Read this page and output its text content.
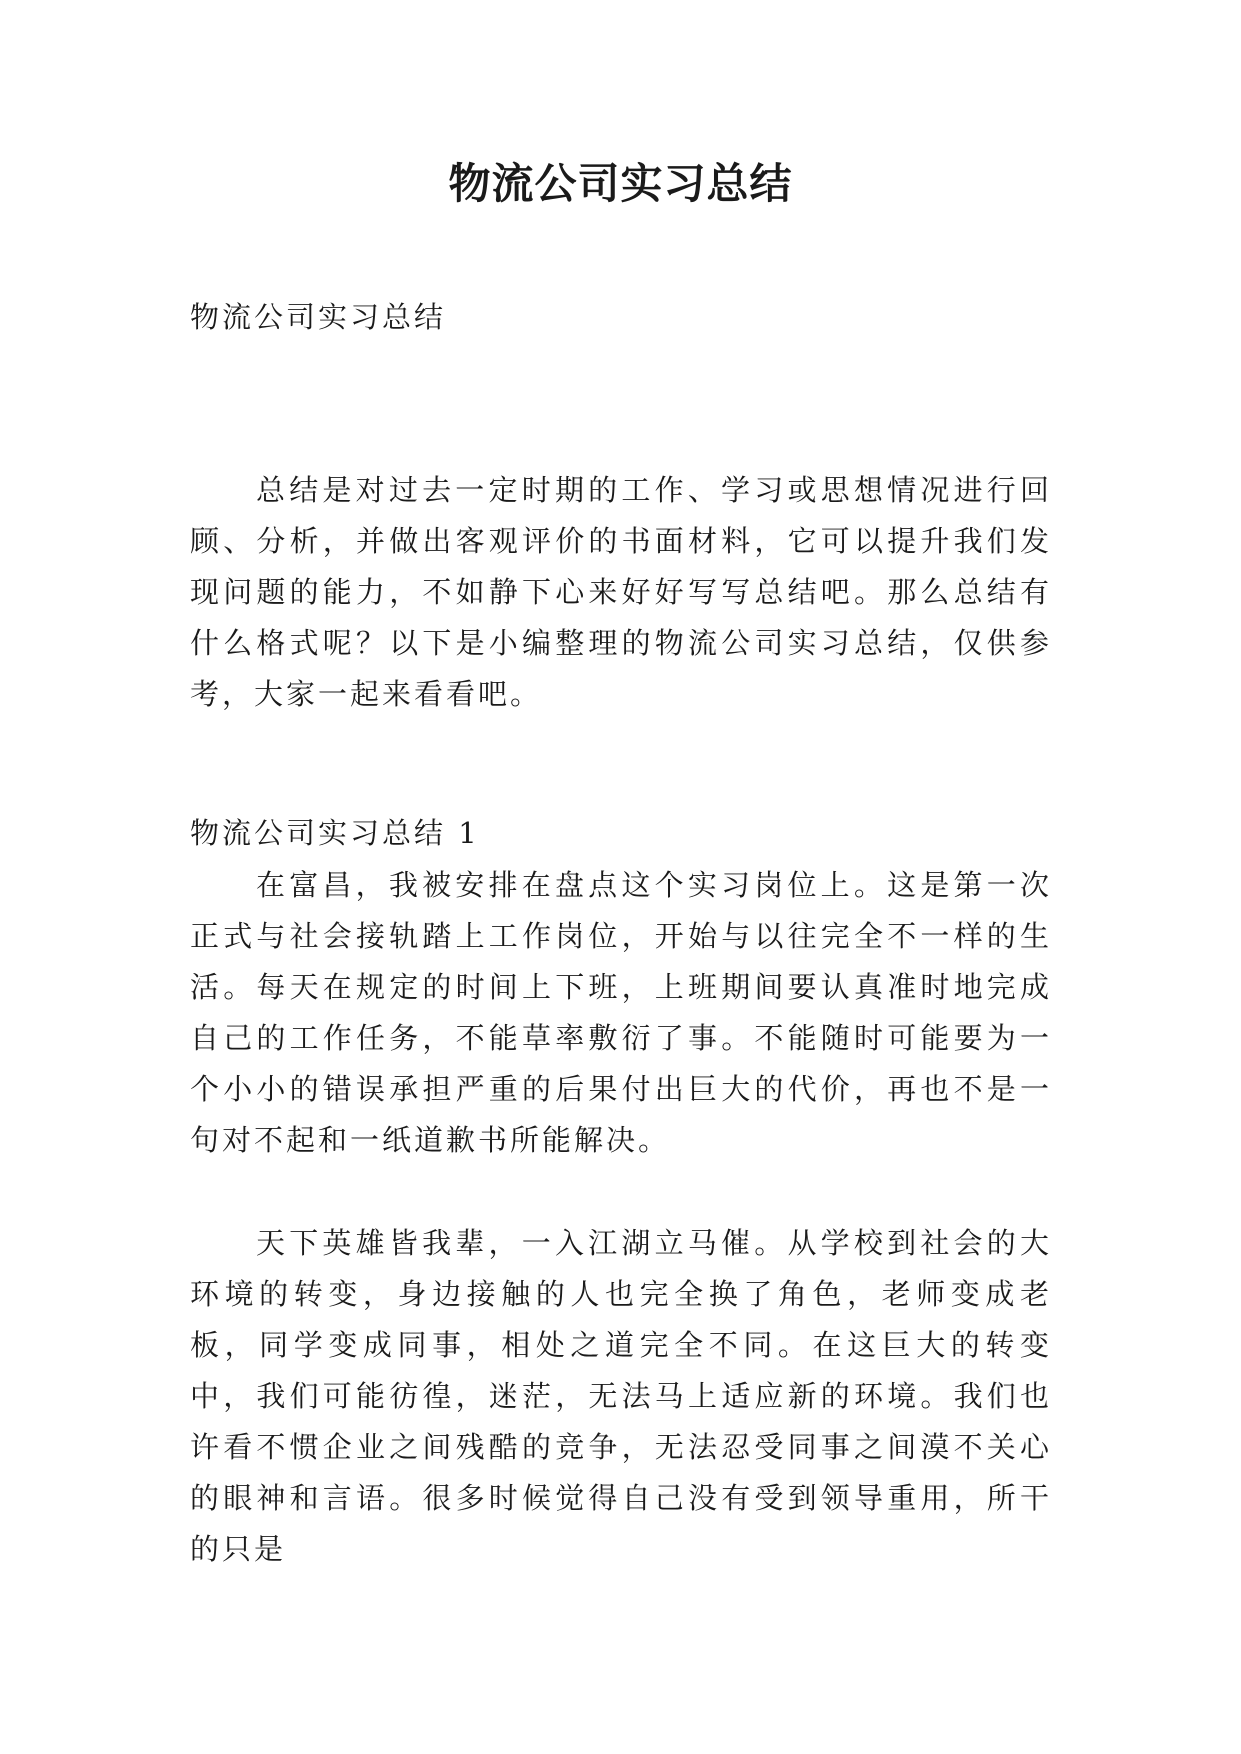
物流公司实习总结

物流公司实习总结

总结是对过去一定时期的工作、学习或思想情况进行回顾、分析，并做出客观评价的书面材料，它可以提升我们发现问题的能力，不如静下心来好好写写总结吧。那么总结有什么格式呢？以下是小编整理的物流公司实习总结，仅供参考，大家一起来看看吧。

物流公司实习总结 1

在富昌，我被安排在盘点这个实习岗位上。这是第一次正式与社会接轨踏上工作岗位，开始与以往完全不一样的生活。每天在规定的时间上下班，上班期间要认真准时地完成自己的工作任务，不能草率敷衍了事。不能随时可能要为一个小小的错误承担严重的后果付出巨大的代价，再也不是一句对不起和一纸道歉书所能解决。

天下英雄皆我辈，一入江湖立马催。从学校到社会的大环境的转变，身边接触的人也完全换了角色，老师变成老板，同学变成同事，相处之道完全不同。在这巨大的转变中，我们可能彷徨，迷茫，无法马上适应新的环境。我们也许看不惯企业之间残酷的竞争，无法忍受同事之间漠不关心的眼神和言语。很多时候觉得自己没有受到领导重用，所干的只是
